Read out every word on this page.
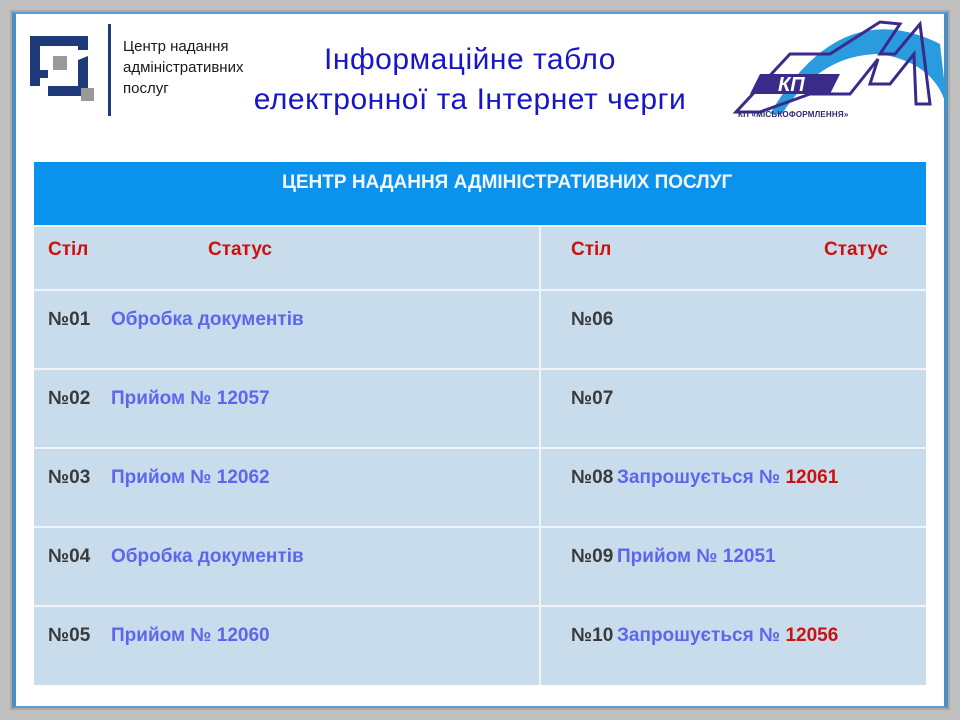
Центр надання
адміністративних
послуг
Інформаційне табло
електронної та Інтернет черги	КП
КП «МІСЬКОФОРМЛЕННЯ»
ЦЕНТР НАДАННЯ АДМІНІСТРАТИВНИХ ПОСЛУГ			
Стіл	Статус	Стіл	Статус
№01	Обробка документів	№06	
№02	Прийом № 12057	№07	
№03	Прийом № 12062	№08	Запрошується № 12061
№04	Обробка документів	№09	Прийом № 12051
№05	Прийом № 12060	№10	Запрошується № 12056
